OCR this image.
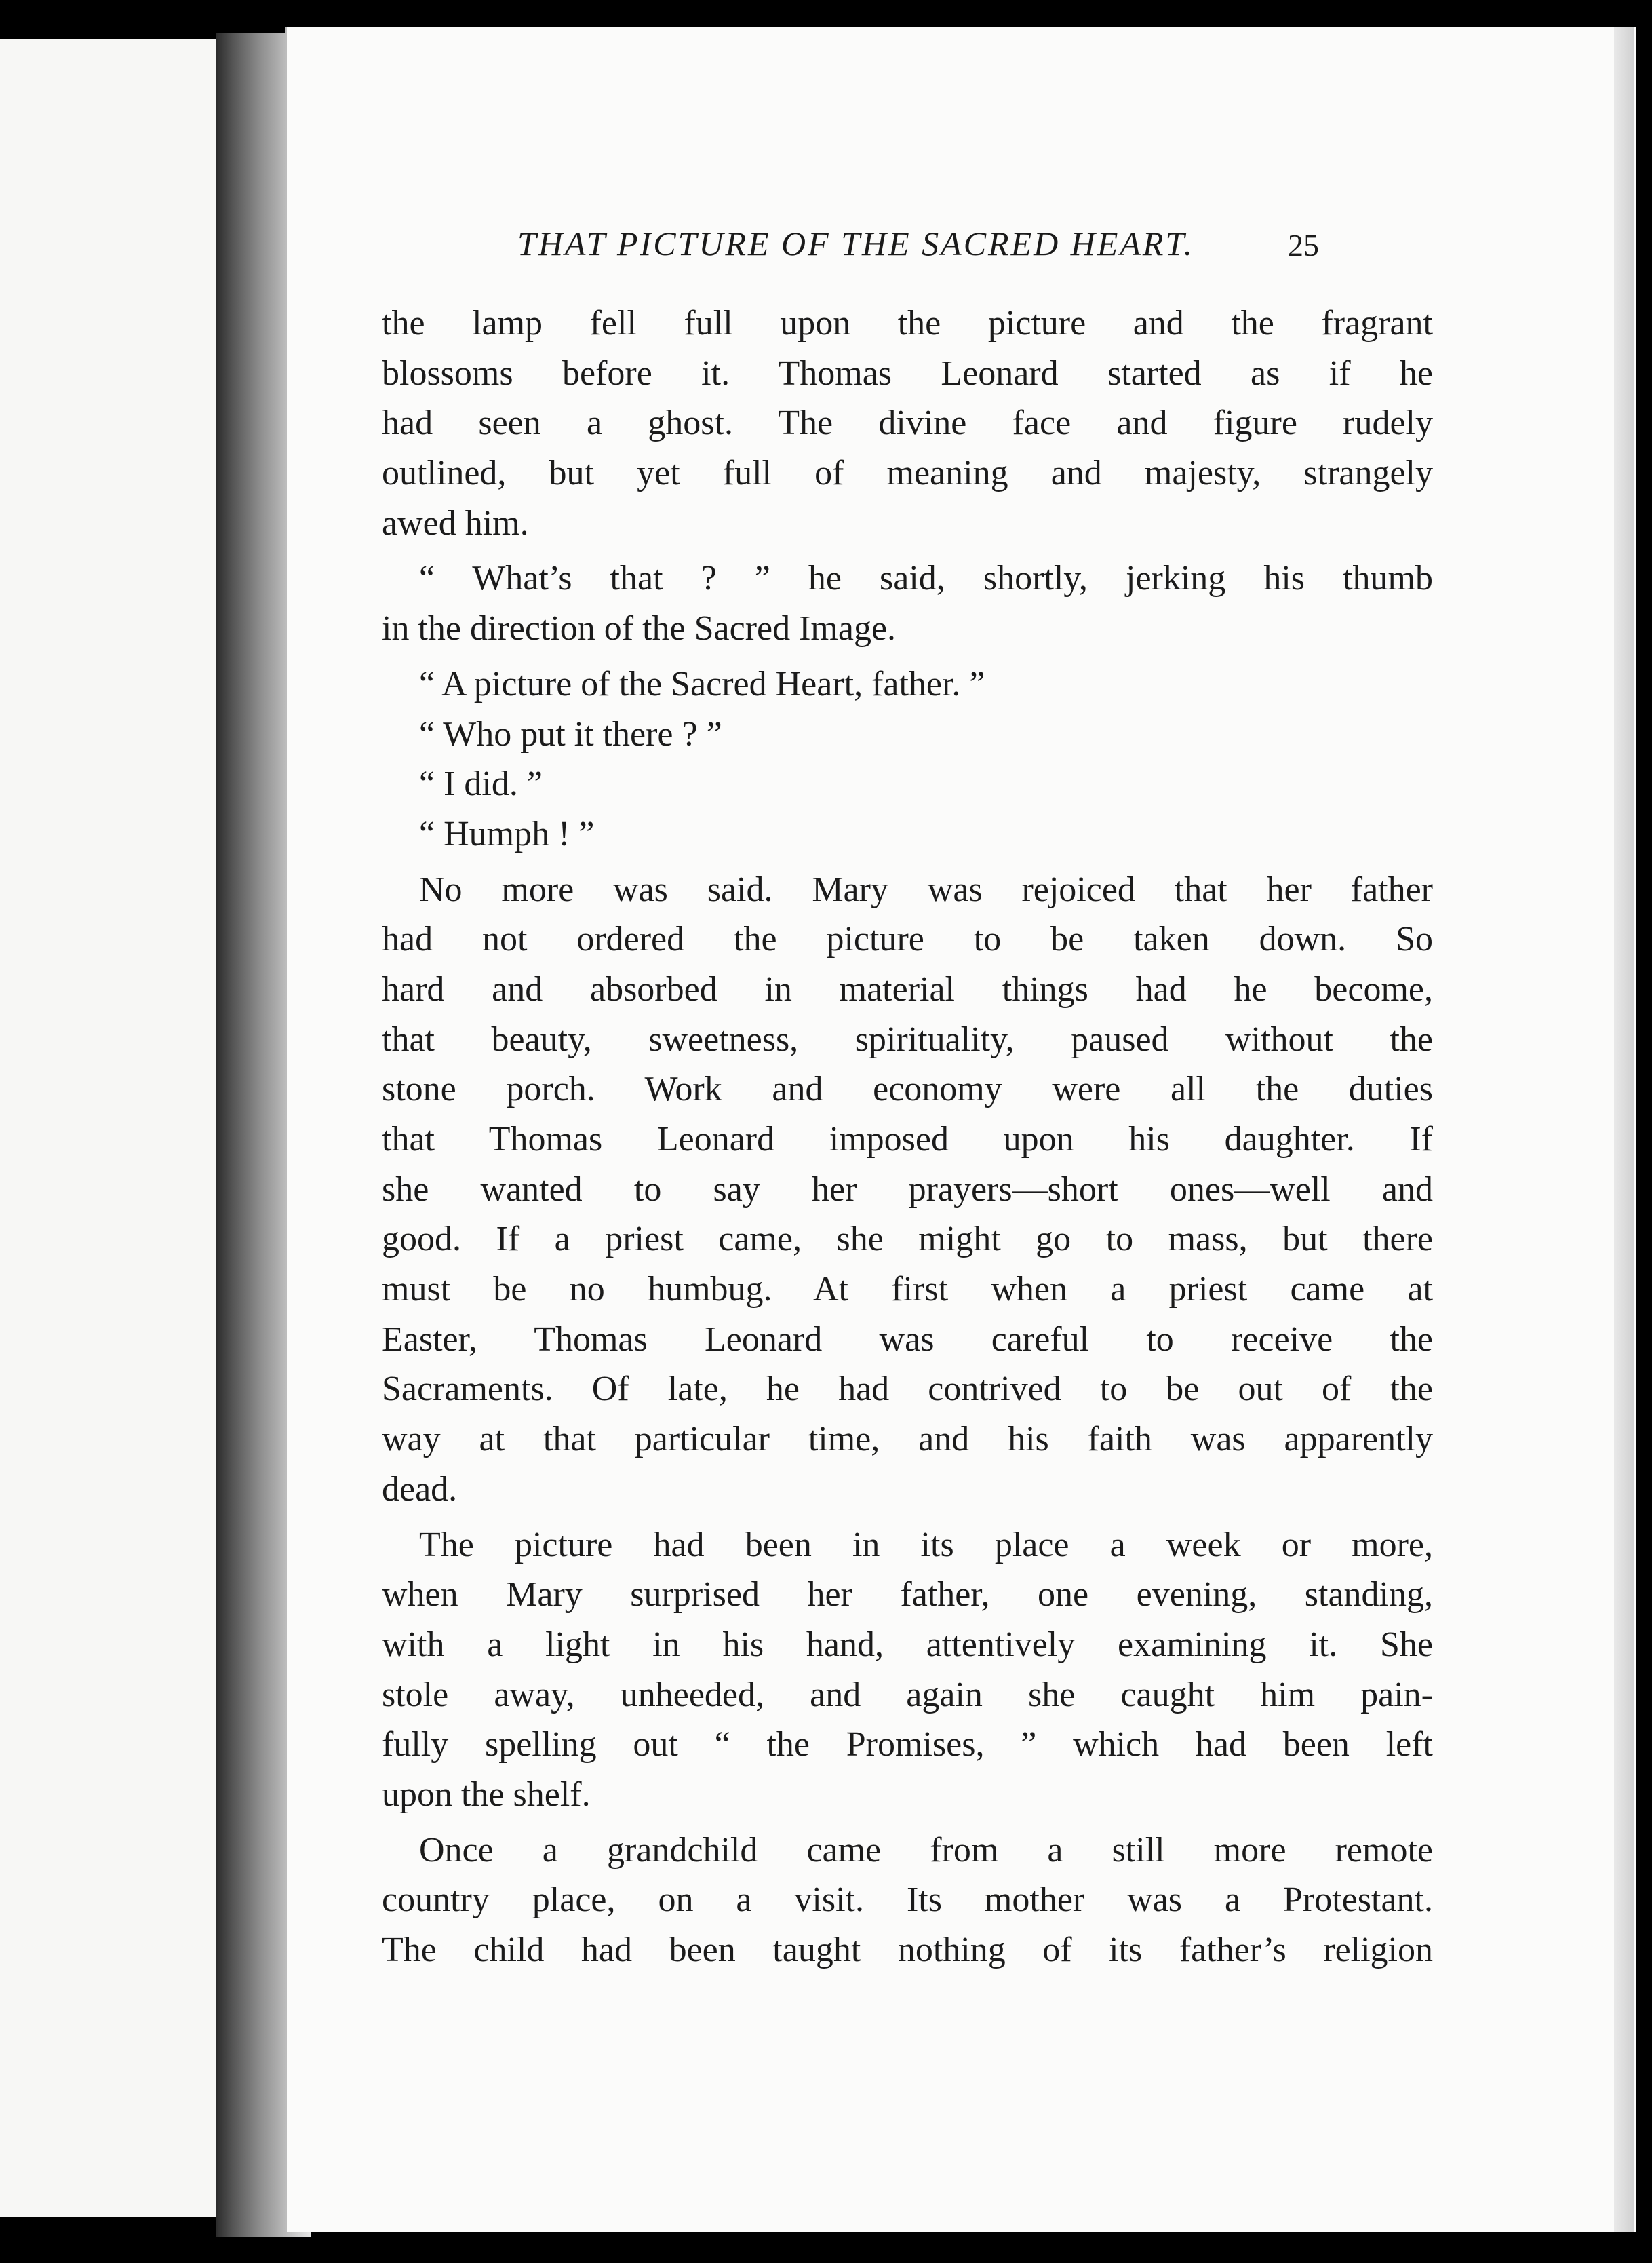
THAT PICTURE OF THE SACRED HEART.	25
the lamp fell full upon the picture and the fragrant
blossoms before it. Thomas Leonard started as if he
had seen a ghost. The divine face and figure rudely
outlined, but yet full of meaning and majesty, strangely
awed him.
“ What’s that ? ” he said, shortly, jerking his thumb
in the direction of the Sacred Image.
“ A picture of the Sacred Heart, father. ”
“ Who put it there ? ”
“ I did. ”
“ Humph ! ”
No more was said. Mary was rejoiced that her father
had not ordered the picture to be taken down. So
hard and absorbed in material things had he become,
that beauty, sweetness, spirituality, paused without the
stone porch. Work and economy were all the duties
that Thomas Leonard imposed upon his daughter. If
she wanted to say her prayers—short ones—well and
good. If a priest came, she might go to mass, but there
must be no humbug. At first when a priest came at
Easter, Thomas Leonard was careful to receive the
Sacraments. Of late, he had contrived to be out of the
way at that particular time, and his faith was apparently
dead.
The picture had been in its place a week or more,
when Mary surprised her father, one evening, standing,
with a light in his hand, attentively examining it. She
stole away, unheeded, and again she caught him pain-
fully spelling out “ the Promises, ” which had been left
upon the shelf.
Once a grandchild came from a still more remote
country place, on a visit. Its mother was a Protestant.
The child had been taught nothing of its father’s religion
